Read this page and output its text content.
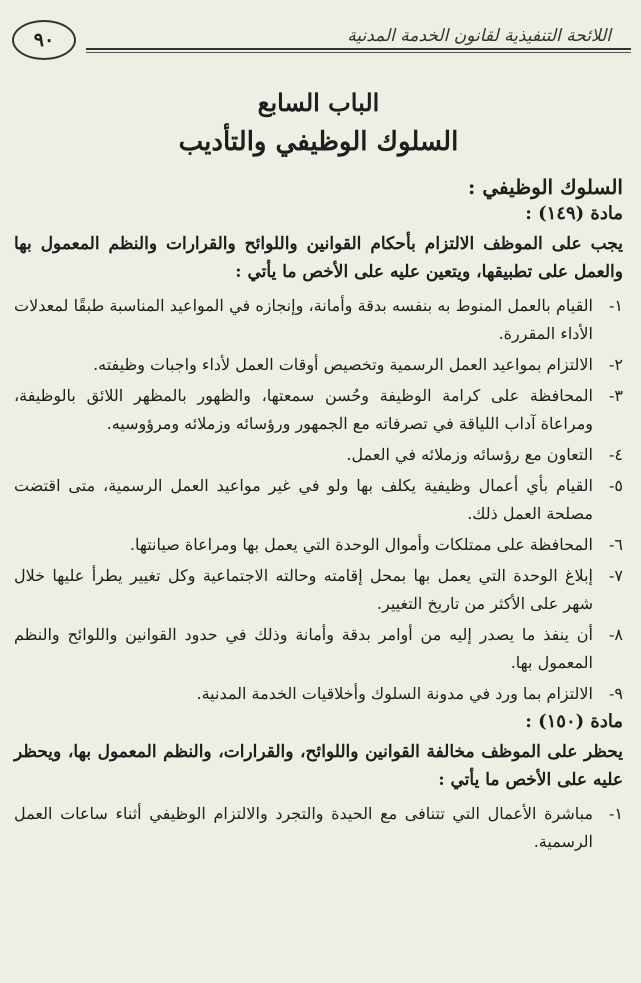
٩٠	اللائحة التنفيذية لقانون الخدمة المدنية
الباب السابع
السلوك الوظيفي والتأديب
السلوك الوظيفي :
مادة (١٤٩) :
يجب على الموظف الالتزام بأحكام القوانين واللوائح والقرارات والنظم المعمول بها والعمل على تطبيقها، ويتعين عليه على الأخص ما يأتي :
١-
القيام بالعمل المنوط به بنفسه بدقة وأمانة، وإنجازه في المواعيد المناسبة طبقًا لمعدلات الأداء المقررة.
٢-
الالتزام بمواعيد العمل الرسمية وتخصيص أوقات العمل لأداء واجبات وظيفته.
٣-
المحافظة على كرامة الوظيفة وحُسن سمعتها، والظهور بالمظهر اللائق بالوظيفة، ومراعاة آداب اللياقة في تصرفاته مع الجمهور ورؤسائه وزملائه ومرؤوسيه.
٤-
التعاون مع رؤسائه وزملائه في العمل.
٥-
القيام بأي أعمال وظيفية يكلف بها ولو في غير مواعيد العمل الرسمية، متى اقتضت مصلحة العمل ذلك.
٦-
المحافظة على ممتلكات وأموال الوحدة التي يعمل بها ومراعاة صيانتها.
٧-
إبلاغ الوحدة التي يعمل بها بمحل إقامته وحالته الاجتماعية وكل تغيير يطرأ عليها خلال شهر على الأكثر من تاريخ التغيير.
٨-
أن ينفذ ما يصدر إليه من أوامر بدقة وأمانة وذلك في حدود القوانين واللوائح والنظم المعمول بها.
٩-
الالتزام بما ورد في مدونة السلوك وأخلاقيات الخدمة المدنية.
مادة (١٥٠) :
يحظر على الموظف مخالفة القوانين واللوائح، والقرارات، والنظم المعمول بها، ويحظر عليه على الأخص ما يأتي :
١-
مباشرة الأعمال التي تتنافى مع الحيدة والتجرد والالتزام الوظيفي أثناء ساعات العمل الرسمية.
